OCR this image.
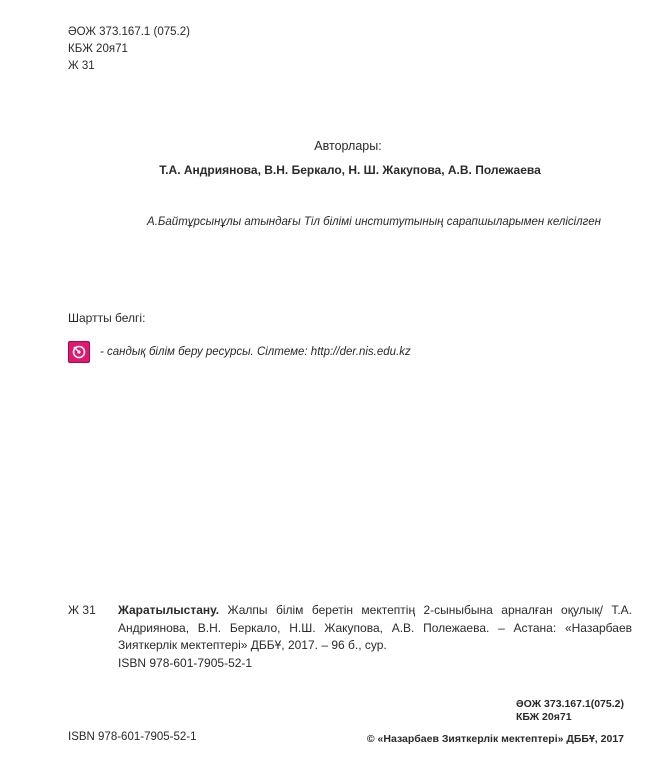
ӘОЖ 373.167.1 (075.2)
КБЖ 20я71
Ж 31
Авторлары:
Т.А. Андриянова, В.Н. Беркало, Н. Ш. Жакупова, А.В. Полежаева
А.Байтұрсынұлы атындағы Тіл білімі институтының сарапшыларымен келісілген
Шартты белгі:
- сандық білім беру ресурсы. Сілтеме: http://der.nis.edu.kz
Ж 31 Жаратылыстану. Жалпы білім беретін мектептің 2-сыныбына арналған оқулық/ Т.А. Андриянова, В.Н. Беркало, Н.Ш. Жакупова, А.В. Полежаева. – Астана: «Назарбаев Зияткерлік мектептері» ДББҰ, 2017. – 96 б., сур.
ISBN 978-601-7905-52-1
ӘОЖ 373.167.1(075.2)
КБЖ 20я71
ISBN 978-601-7905-52-1	© «Назарбаев Зияткерлік мектептері» ДББҰ, 2017
